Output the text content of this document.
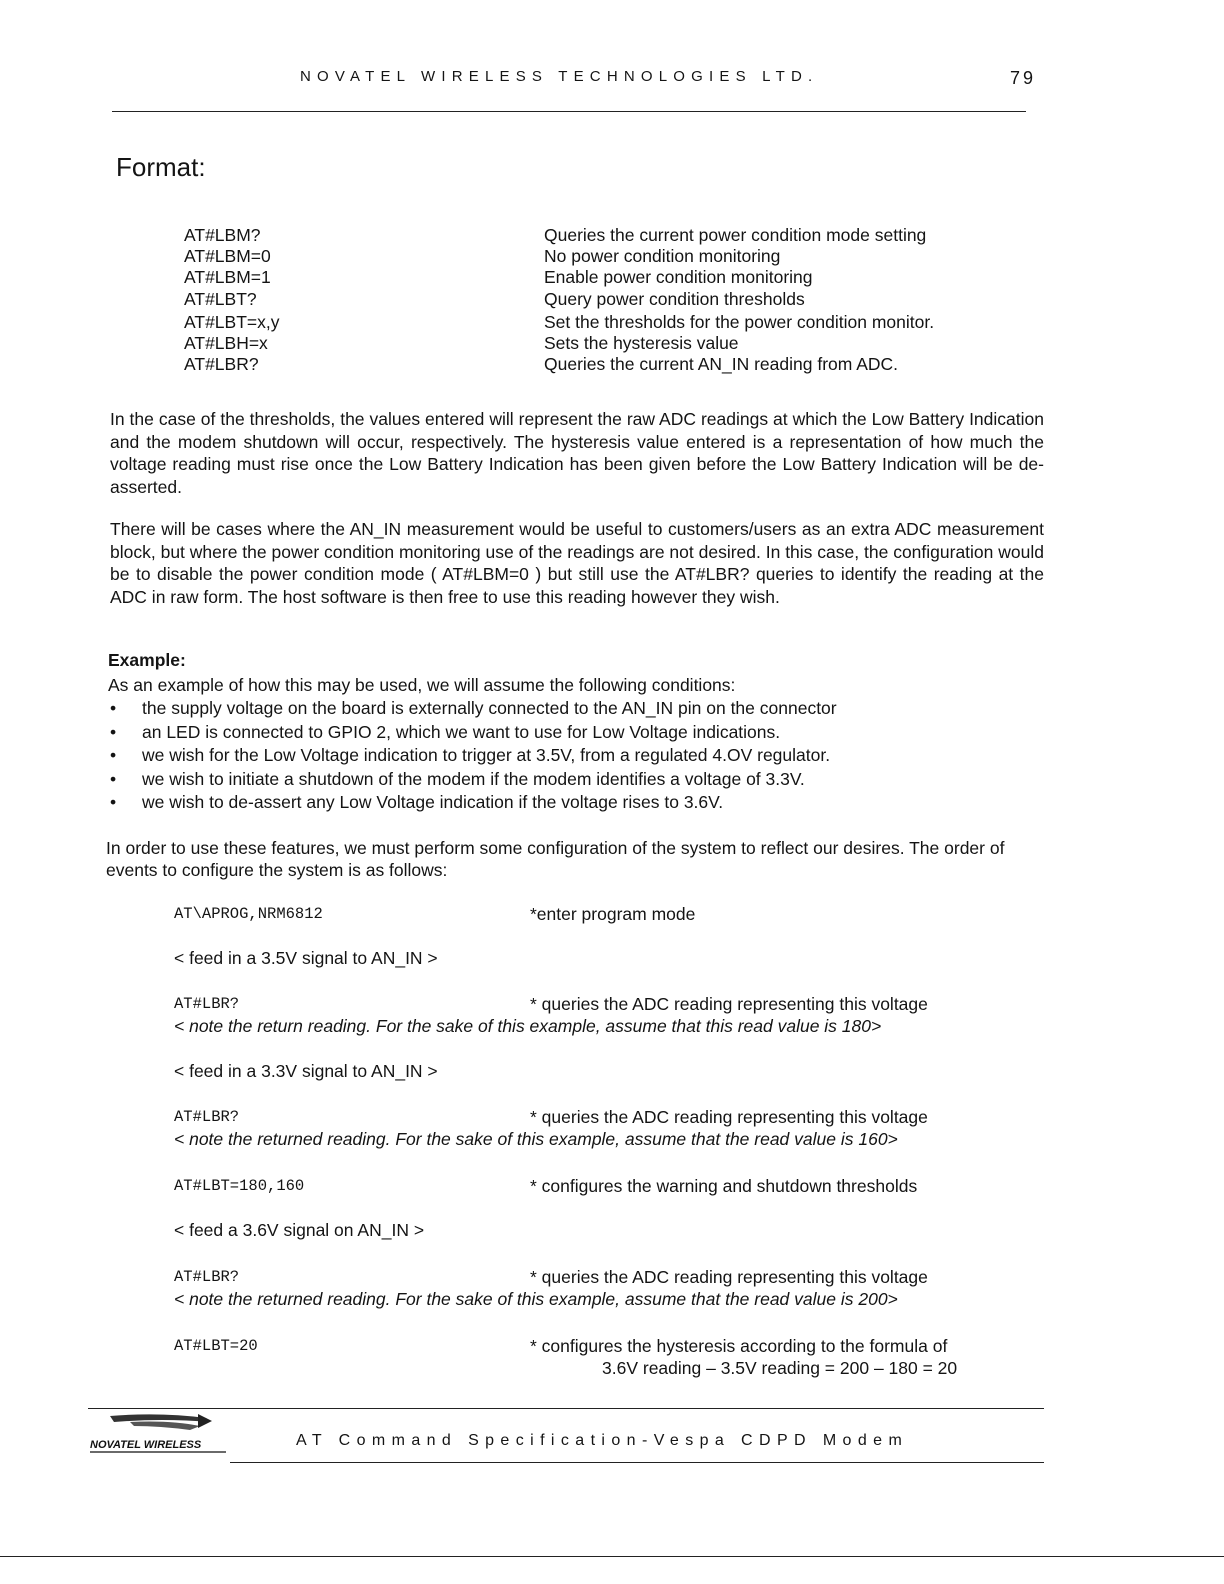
NOVATEL WIRELESS TECHNOLOGIES LTD.	79
Format:
AT#LBM?	Queries the current power condition mode setting
AT#LBM=0	No power condition monitoring
AT#LBM=1	Enable power condition monitoring
AT#LBT?	Query power condition thresholds
AT#LBT=x,y	Set the thresholds for the power condition monitor.
AT#LBH=x	Sets the hysteresis value
AT#LBR?	Queries the current AN_IN reading from ADC.

In the case of the thresholds, the values entered will represent the raw ADC readings at which the Low Battery Indication and the modem shutdown will occur, respectively. The hysteresis value entered is a representation of how much the voltage reading must rise once the Low Battery Indication has been given before the Low Battery Indication will be de-asserted.

There will be cases where the AN_IN measurement would be useful to customers/users as an extra ADC measurement block, but where the power condition monitoring use of the readings are not desired. In this case, the configuration would be to disable the power condition mode ( AT#LBM=0 ) but still use the AT#LBR? queries to identify the reading at the ADC in raw form. The host software is then free to use this reading however they wish.

Example:
As an example of how this may be used, we will assume the following conditions:
• the supply voltage on the board is externally connected to the AN_IN pin on the connector
• an LED is connected to GPIO 2, which we want to use for Low Voltage indications.
• we wish for the Low Voltage indication to trigger at 3.5V, from a regulated 4.OV regulator.
• we wish to initiate a shutdown of the modem if the modem identifies a voltage of 3.3V.
• we wish to de-assert any Low Voltage indication if the voltage rises to 3.6V.

In order to use these features, we must perform some configuration of the system to reflect our desires. The order of events to configure the system is as follows:

AT\APROG,NRM6812	*enter program mode
< feed in a 3.5V signal to AN_IN >
AT#LBR?	* queries the ADC reading representing this voltage
< note the return reading. For the sake of this example, assume that this read value is 180>
< feed in a 3.3V signal to AN_IN >
AT#LBR?	* queries the ADC reading representing this voltage
< note the returned reading. For the sake of this example, assume that the read value is 160>
AT#LBT=180,160	* configures the warning and shutdown thresholds
< feed a 3.6V signal on AN_IN >
AT#LBR?	* queries the ADC reading representing this voltage
< note the returned reading. For the sake of this example, assume that the read value is 200>
AT#LBT=20	* configures the hysteresis according to the formula of
3.6V reading – 3.5V reading = 200 – 180 = 20
NOVATEL WIRELESS	AT Command Specification-Vespa CDPD Modem
